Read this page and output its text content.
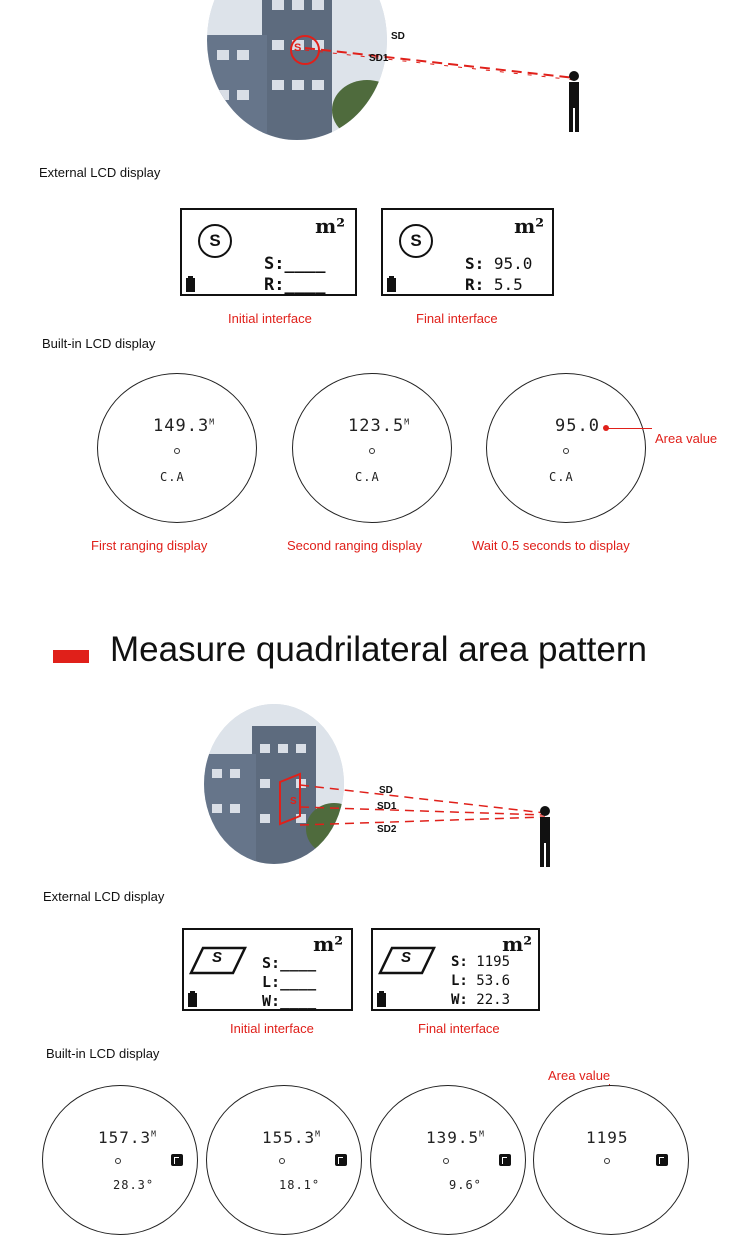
S
SD
SD1
External LCD display
S
m²
S:____
R:____
Initial interface
S
m²
S: 95.0
R: 5.5
Final interface
Built-in LCD display
$149.3^M$
C.A
First ranging display
$123.5^M$
C.A
Second ranging display
95.0
C.A
Area value
Wait 0.5 seconds to display
Measure quadrilateral area pattern
S
SD
SD1
SD2
External LCD display
S
m²
S:____
L:____
W:____
Initial interface
S
m²
S: 1195
L: 53.6
W: 22.3
Final interface
Built-in LCD display
Area value
$157.3^M$
28.3°
$155.3^M$
18.1°
$139.5^M$
9.6°
1195
